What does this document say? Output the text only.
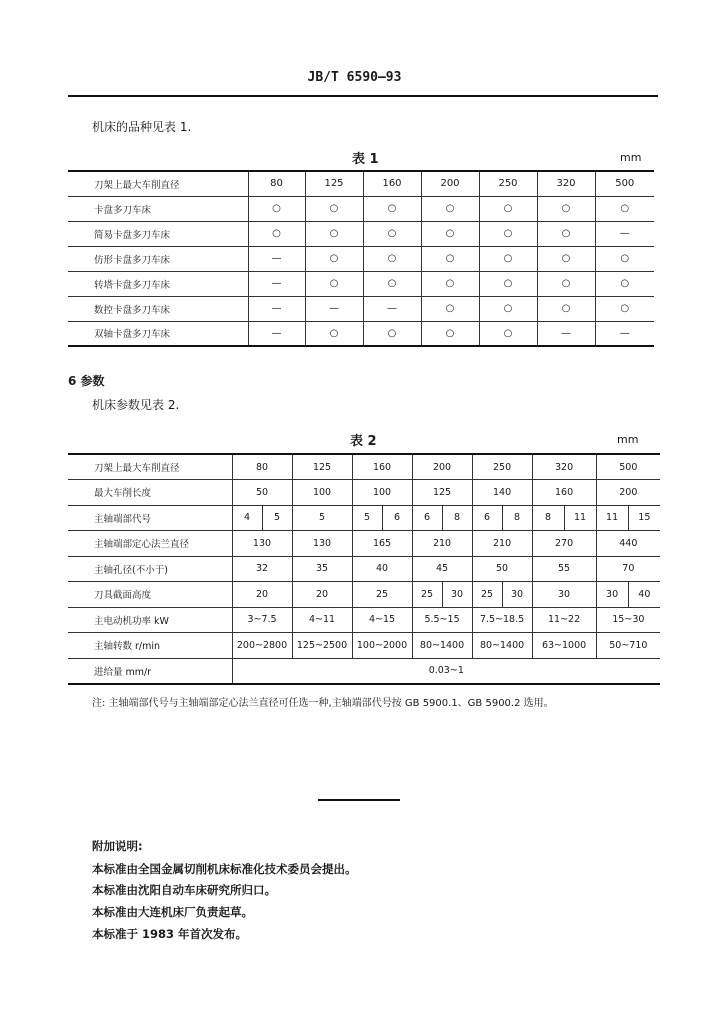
JB/T 6590—93
机床的品种见表 1.
表 1	mm
刀架上最大车削直径	80	125	160	200	250	320	500
卡盘多刀车床	○	○	○	○	○	○	○
简易卡盘多刀车床	○	○	○	○	○	○	—
仿形卡盘多刀车床	—	○	○	○	○	○	○
转塔卡盘多刀车床	—	○	○	○	○	○	○
数控卡盘多刀车床	—	—	—	○	○	○	○
双轴卡盘多刀车床	—	○	○	○	○	—	—
6 参数
机床参数见表 2.
表 2	mm
刀架上最大车削直径	80		125	160		200		250		320		500	
最大车削长度	50		100	100		125		140		160		200	
主轴端部代号	4	5	5	5	6	6	8	6	8	8	11	11	15
主轴端部定心法兰直径	130		130	165		210		210		270		440	
主轴孔径(不小于)	32		35	40		45		50		55		70	
刀具截面高度	20		20	25		25	30	25	30	30		30	40
主电动机功率 kW	3~7.5		4~11	4~15		5.5~15		7.5~18.5		11~22		15~30	
主轴转数 r/min	200~2800		125~2500	100~2000		80~1400		80~1400		63~1000		50~710	
进给量 mm/r	0.03~1												
注: 主轴端部代号与主轴端部定心法兰直径可任选一种,主轴端部代号按 GB 5900.1、GB 5900.2 选用。
附加说明:
本标准由全国金属切削机床标准化技术委员会提出。
本标准由沈阳自动车床研究所归口。
本标准由大连机床厂负责起草。
本标准于 1983 年首次发布。
